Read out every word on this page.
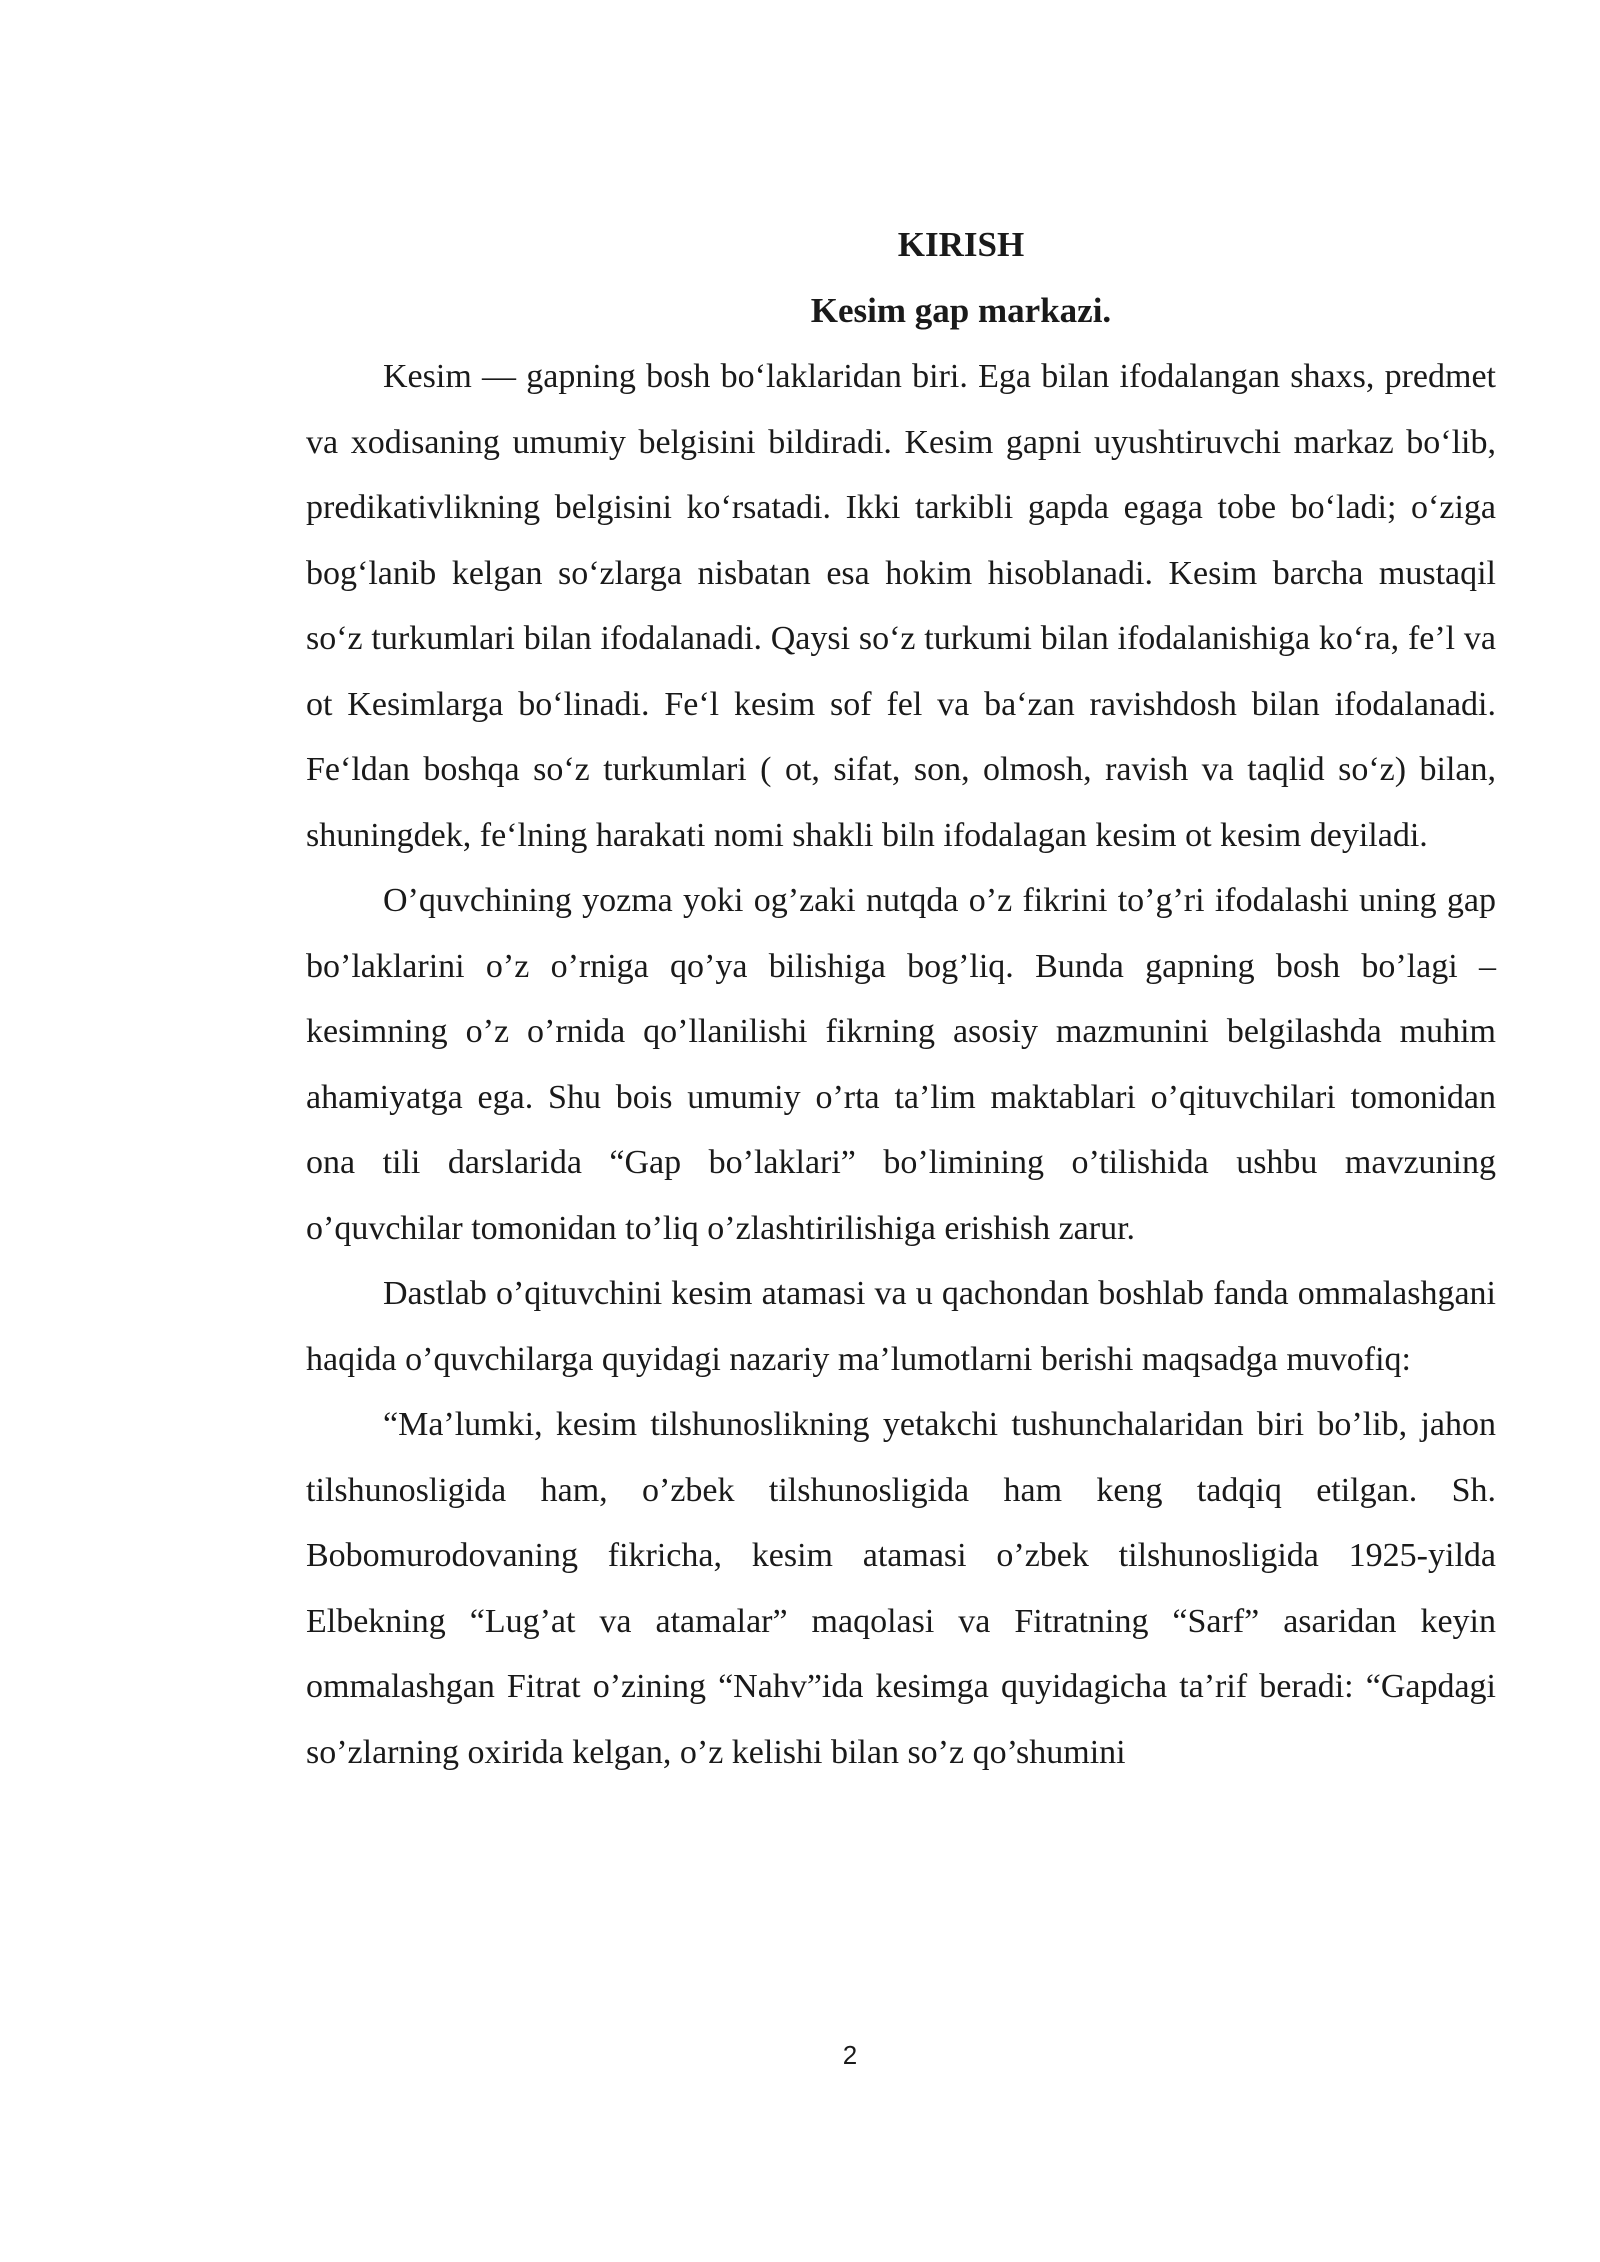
KIRISH
Kesim gap markazi.

Kesim — gapning bosh bo‘laklaridan biri. Ega bilan ifodalangan shaxs, predmet va xodisaning umumiy belgisini bildiradi. Kesim gapni uyushtiruvchi markaz bo‘lib, predikativlikning belgisini ko‘rsatadi. Ikki tarkibli gapda egaga tobe bo‘ladi; o‘ziga bog‘lanib kelgan so‘zlarga nisbatan esa hokim hisoblanadi. Kesim barcha mustaqil so‘z turkumlari bilan ifodalanadi. Qaysi so‘z turkumi bilan ifodalanishiga ko‘ra, fe’l va ot Kesimlarga bo‘linadi. Fe‘l kesim sof fel va ba‘zan ravishdosh bilan ifodalanadi. Fe‘ldan boshqa so‘z turkumlari ( ot, sifat, son, olmosh, ravish va taqlid so‘z) bilan, shuningdek, fe‘lning harakati nomi shakli biln ifodalagan kesim ot kesim deyiladi.

O’quvchining yozma yoki og’zaki nutqda o’z fikrini to’g’ri ifodalashi uning gap bo’laklarini o’z o’rniga qo’ya bilishiga bog’liq. Bunda gapning bosh bo’lagi – kesimning o’z o’rnida qo’llanilishi fikrning asosiy mazmunini belgilashda muhim ahamiyatga ega. Shu bois umumiy o’rta ta’lim maktablari o’qituvchilari tomonidan ona tili darslarida “Gap bo’laklari” bo’limining o’tilishida ushbu mavzuning o’quvchilar tomonidan to’liq o’zlashtirilishiga erishish zarur.

Dastlab o’qituvchini kesim atamasi va u qachondan boshlab fanda ommalashgani haqida o’quvchilarga quyidagi nazariy ma’lumotlarni berishi maqsadga muvofiq:

“Ma’lumki, kesim tilshunoslikning yetakchi tushunchalaridan biri bo’lib, jahon tilshunosligida ham, o’zbek tilshunosligida ham keng tadqiq etilgan. Sh. Bobomurodovaning fikricha, kesim atamasi o’zbek tilshunosligida 1925-yilda Elbekning “Lug’at va atamalar” maqolasi va Fitratning “Sarf” asaridan keyin ommalashgan Fitrat o’zining “Nahv”ida kesimga quyidagicha ta’rif beradi: “Gapdagi so’zlarning oxirida kelgan, o’z kelishi bilan so’z qo’shumini

2
